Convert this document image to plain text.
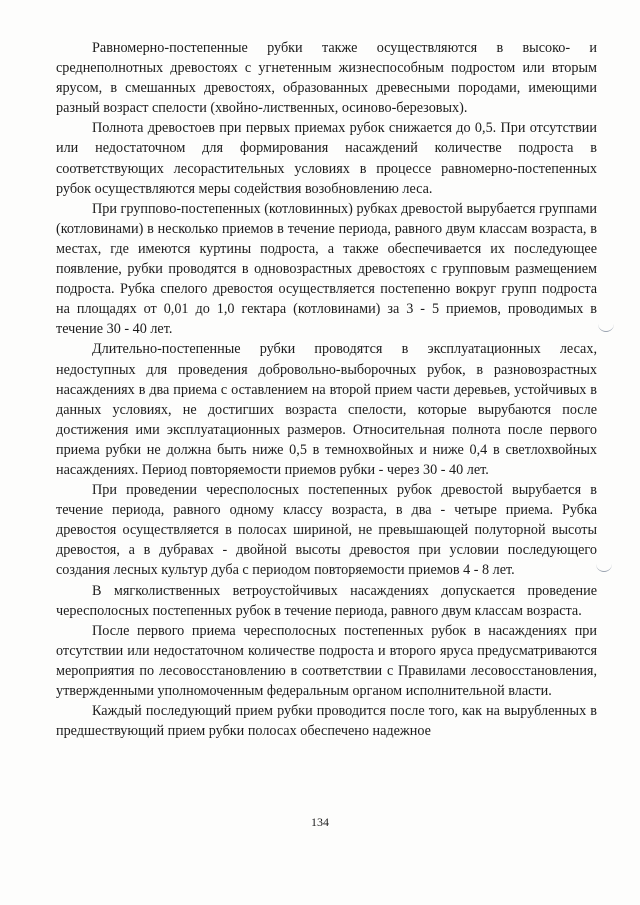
Равномерно-постепенные рубки также осуществляются в высоко- и среднеполнотных древостоях с угнетенным жизнеспособным подростом или вторым ярусом, в смешанных древостоях, образованных древесными породами, имеющими разный возраст спелости (хвойно-лиственных, осиново-березовых).

Полнота древостоев при первых приемах рубок снижается до 0,5. При отсутствии или недостаточном для формирования насаждений количестве подроста в соответствующих лесорастительных условиях в процессе равномерно-постепенных рубок осуществляются меры содействия возобновлению леса.

При группово-постепенных (котловинных) рубках древостой вырубается группами (котловинами) в несколько приемов в течение периода, равного двум классам возраста, в местах, где имеются куртины подроста, а также обеспечивается их последующее появление, рубки проводятся в одновозрастных древостоях с групповым размещением подроста. Рубка спелого древостоя осуществляется постепенно вокруг групп подроста на площадях от 0,01 до 1,0 гектара (котловинами) за 3 - 5 приемов, проводимых в течение 30 - 40 лет.

Длительно-постепенные рубки проводятся в эксплуатационных лесах, недоступных для проведения добровольно-выборочных рубок, в разновозрастных насаждениях в два приема с оставлением на второй прием части деревьев, устойчивых в данных условиях, не достигших возраста спелости, которые вырубаются после достижения ими эксплуатационных размеров. Относительная полнота после первого приема рубки не должна быть ниже 0,5 в темнохвойных и ниже 0,4 в светлохвойных насаждениях. Период повторяемости приемов рубки - через 30 - 40 лет.

При проведении чересполосных постепенных рубок древостой вырубается в течение периода, равного одному классу возраста, в два - четыре приема. Рубка древостоя осуществляется в полосах шириной, не превышающей полуторной высоты древостоя, а в дубравах - двойной высоты древостоя при условии последующего создания лесных культур дуба с периодом повторяемости приемов 4 - 8 лет.

В мягколиственных ветроустойчивых насаждениях допускается проведение чересполосных постепенных рубок в течение периода, равного двум классам возраста.

После первого приема чересполосных постепенных рубок в насаждениях при отсутствии или недостаточном количестве подроста и второго яруса предусматриваются мероприятия по лесовосстановлению в соответствии с Правилами лесовосстановления, утвержденными уполномоченным федеральным органом исполнительной власти.

Каждый последующий прием рубки проводится после того, как на вырубленных в предшествующий прием рубки полосах обеспечено надежное

134
